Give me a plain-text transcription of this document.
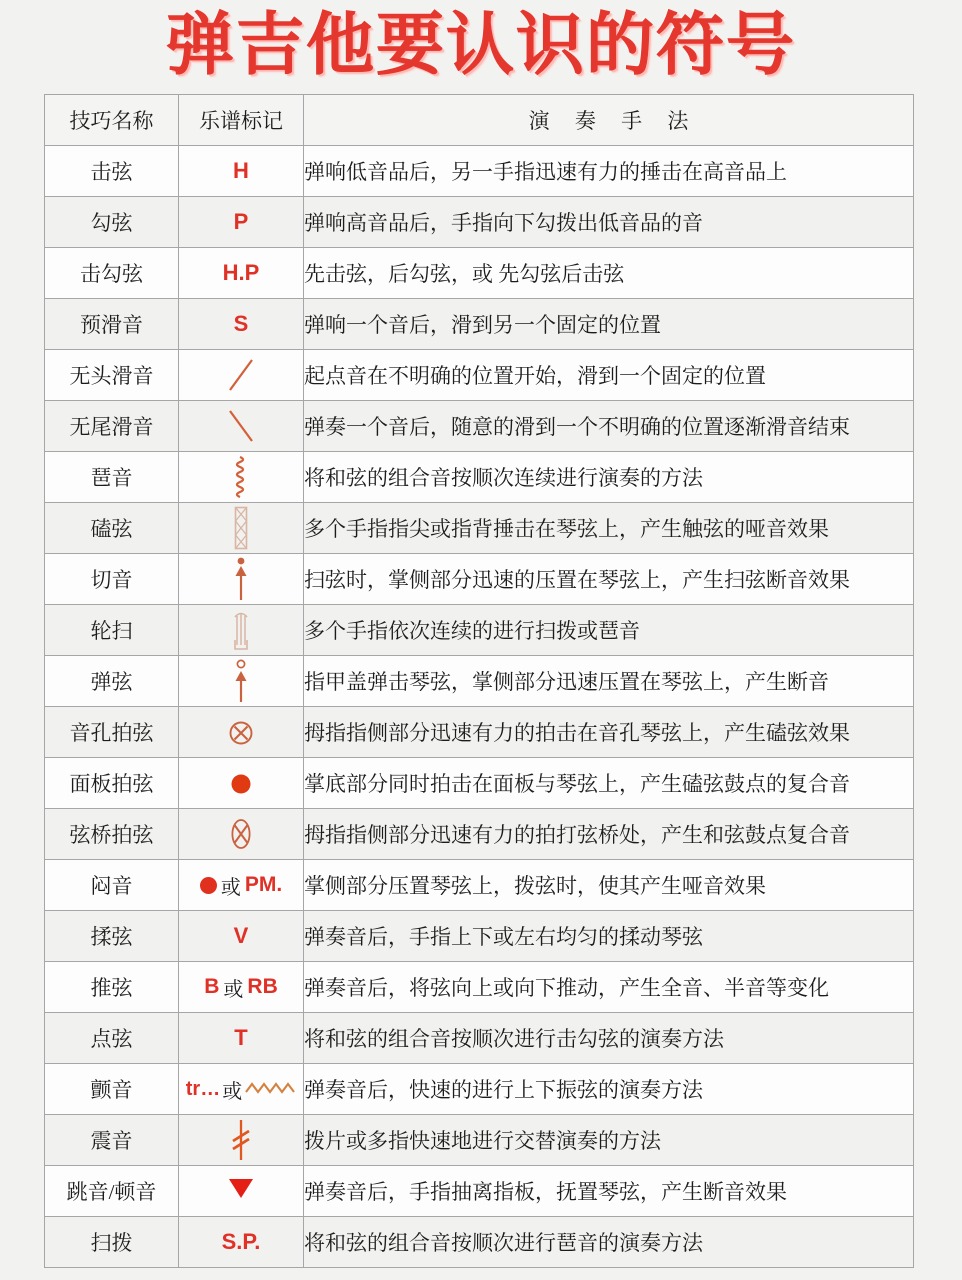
弹吉他要认识的符号
技巧名称	乐谱标记	演 奏 手 法
击弦	H	弹响低音品后，另一手指迅速有力的捶击在高音品上
勾弦	P	弹响高音品后，手指向下勾拨出低音品的音
击勾弦	H.P	先击弦，后勾弦，或 先勾弦后击弦
预滑音	S	弹响一个音后，滑到另一个固定的位置
无头滑音		起点音在不明确的位置开始，滑到一个固定的位置
无尾滑音		弹奏一个音后，随意的滑到一个不明确的位置逐渐滑音结束
琶音		将和弦的组合音按顺次连续进行演奏的方法
磕弦		多个手指指尖或指背捶击在琴弦上，产生触弦的哑音效果
切音		扫弦时，掌侧部分迅速的压置在琴弦上，产生扫弦断音效果
轮扫		多个手指依次连续的进行扫拨或琶音
弹弦		指甲盖弹击琴弦，掌侧部分迅速压置在琴弦上，产生断音
音孔拍弦		拇指指侧部分迅速有力的拍击在音孔琴弦上，产生磕弦效果
面板拍弦		掌底部分同时拍击在面板与琴弦上，产生磕弦鼓点的复合音
弦桥拍弦		拇指指侧部分迅速有力的拍打弦桥处，产生和弦鼓点复合音
闷音	或 PM.	掌侧部分压置琴弦上，拨弦时，使其产生哑音效果
揉弦	V	弹奏音后，手指上下或左右均匀的揉动琴弦
推弦	B 或 RB	弹奏音后，将弦向上或向下推动，产生全音、半音等变化
点弦	T	将和弦的组合音按顺次进行击勾弦的演奏方法
颤音	tr… 或	弹奏音后，快速的进行上下振弦的演奏方法
震音		拨片或多指快速地进行交替演奏的方法
跳音/顿音		弹奏音后，手指抽离指板，抚置琴弦，产生断音效果
扫拨	S.P.	将和弦的组合音按顺次进行琶音的演奏方法
